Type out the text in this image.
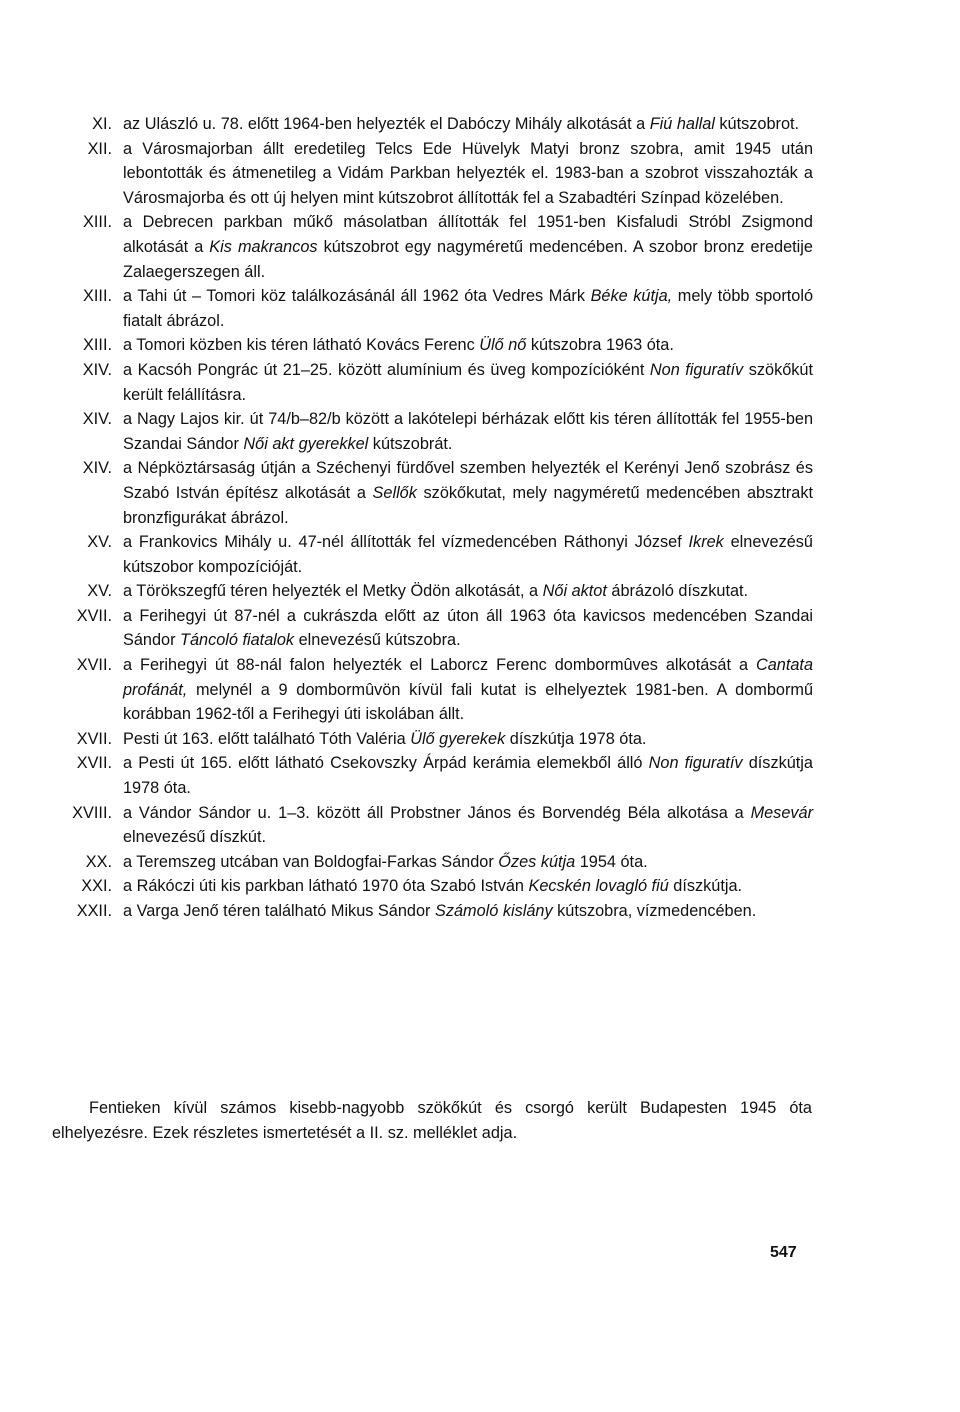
XI. az Ulászló u. 78. előtt 1964-ben helyezték el Dabóczy Mihály alkotását a Fiú hallal kútszobrot.
XII. a Városmajorban állt eredetileg Telcs Ede Hüvelyk Matyi bronz szobra, amit 1945 után lebontották és átmenetileg a Vidám Parkban helyezték el. 1983-ban a szobrot visszahozták a Városmajorba és ott új helyen mint kútszobrot állították fel a Szabadtéri Színpad közelében.
XIII. a Debrecen parkban műkő másolatban állították fel 1951-ben Kisfaludi Stróbl Zsigmond alkotását a Kis makrancos kútszobrot egy nagyméretű medencében. A szobor bronz eredetije Zalaegerszegen áll.
XIII. a Tahi út – Tomori köz találkozásánál áll 1962 óta Vedres Márk Béke kútja, mely több sportoló fiatalt ábrázol.
XIII. a Tomori közben kis téren látható Kovács Ferenc Ülő nő kútszobra 1963 óta.
XIV. a Kacsóh Pongrác út 21–25. között alumínium és üveg kompozícióként Non figuratív szökőkút került felállításra.
XIV. a Nagy Lajos kir. út 74/b–82/b között a lakótelepi bérházak előtt kis téren állították fel 1955-ben Szandai Sándor Női akt gyerekkel kútszobrát.
XIV. a Népköztársaság útján a Széchenyi fürdővel szemben helyezték el Kerényi Jenő szobrász és Szabó István építész alkotását a Sellők szökőkutat, mely nagyméretű medencében absztrakt bronzfigurákat ábrázol.
XV. a Frankovics Mihály u. 47-nél állították fel vízmedencében Ráthonyi József Ikrek elnevezésű kútszobor kompozícióját.
XV. a Törökszegfű téren helyezték el Metky Ödön alkotását, a Női aktot ábrázoló díszkutat.
XVII. a Ferihegyi út 87-nél a cukrászda előtt az úton áll 1963 óta kavicsos medencében Szandai Sándor Táncoló fiatalok elnevezésű kútszobra.
XVII. a Ferihegyi út 88-nál falon helyezték el Laborcz Ferenc dombormûves alkotását a Cantata profánát, melynél a 9 dombormûvön kívül fali kutat is elhelyeztek 1981-ben. A dombormű korábban 1962-től a Ferihegyi úti iskolában állt.
XVII. Pesti út 163. előtt található Tóth Valéria Ülő gyerekek díszkútja 1978 óta.
XVII. a Pesti út 165. előtt látható Csekovszky Árpád kerámia elemekből álló Non figuratív díszkútja 1978 óta.
XVIII. a Vándor Sándor u. 1–3. között áll Probstner János és Borvendég Béla alkotása a Mesevár elnevezésű díszkút.
XX. a Teremszeg utcában van Boldogfai-Farkas Sándor Őzes kútja 1954 óta.
XXI. a Rákóczi úti kis parkban látható 1970 óta Szabó István Kecskén lovagló fiú díszkútja.
XXII. a Varga Jenő téren található Mikus Sándor Számoló kislány kútszobra, vízmedencében.
Fentieken kívül számos kisebb-nagyobb szökőkút és csorgó került Budapesten 1945 óta elhelyezésre. Ezek részletes ismertetését a II. sz. melléklet adja.
547
